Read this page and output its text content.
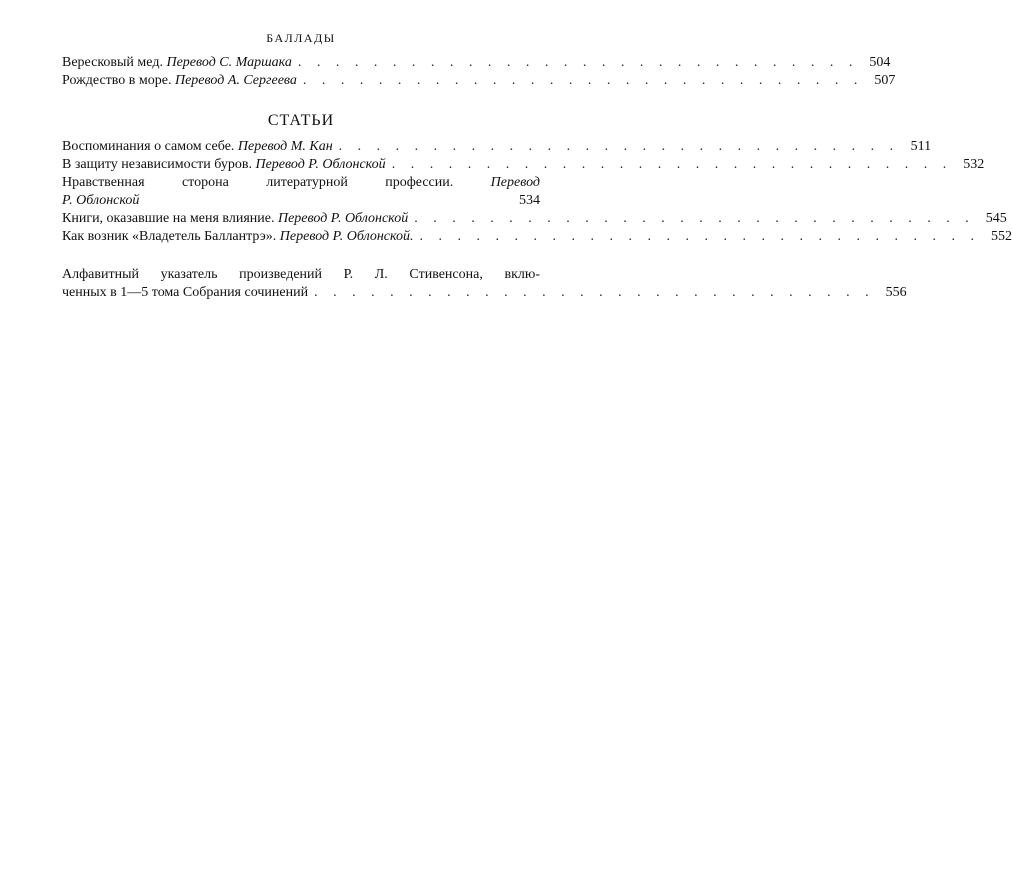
БАЛЛАДЫ

Вересковый мед. Перевод С. Маршака . . . . . . . . . . . . . . . . . . . . . . . . . . . . . . 504

Рождество в море. Перевод А. Сергеева . . . . . . . . . . . . . . . . . . . . . . . . . . . . . . 507

СТАТЬИ

Воспоминания о самом себе. Перевод М. Кан . . . . . . . . . . . . . . . . . . . . . . . . . . . . . . 511

В защиту независимости буров. Перевод Р. Облонской . . . . . . . . . . . . . . . . . . . . . . . . . . . . . . 532

Нравственная сторона литературной профессии.	Перевод
Р. Облонской	534

Книги, оказавшие на меня влияние. Перевод Р. Облонской . . . . . . . . . . . . . . . . . . . . . . . . . . . . . . 545

Как возник «Владетель Баллантрэ». Перевод Р. Облонской. . . . . . . . . . . . . . . . . . . . . . . . . . . . . . . 552

Алфавитный указатель произведений Р. Л. Стивенсона, вклю-
ченных в 1—5 тома Собрания сочинений . . . . . . . . . . . . . . . . . . . . . . . . . . . . . . 556
